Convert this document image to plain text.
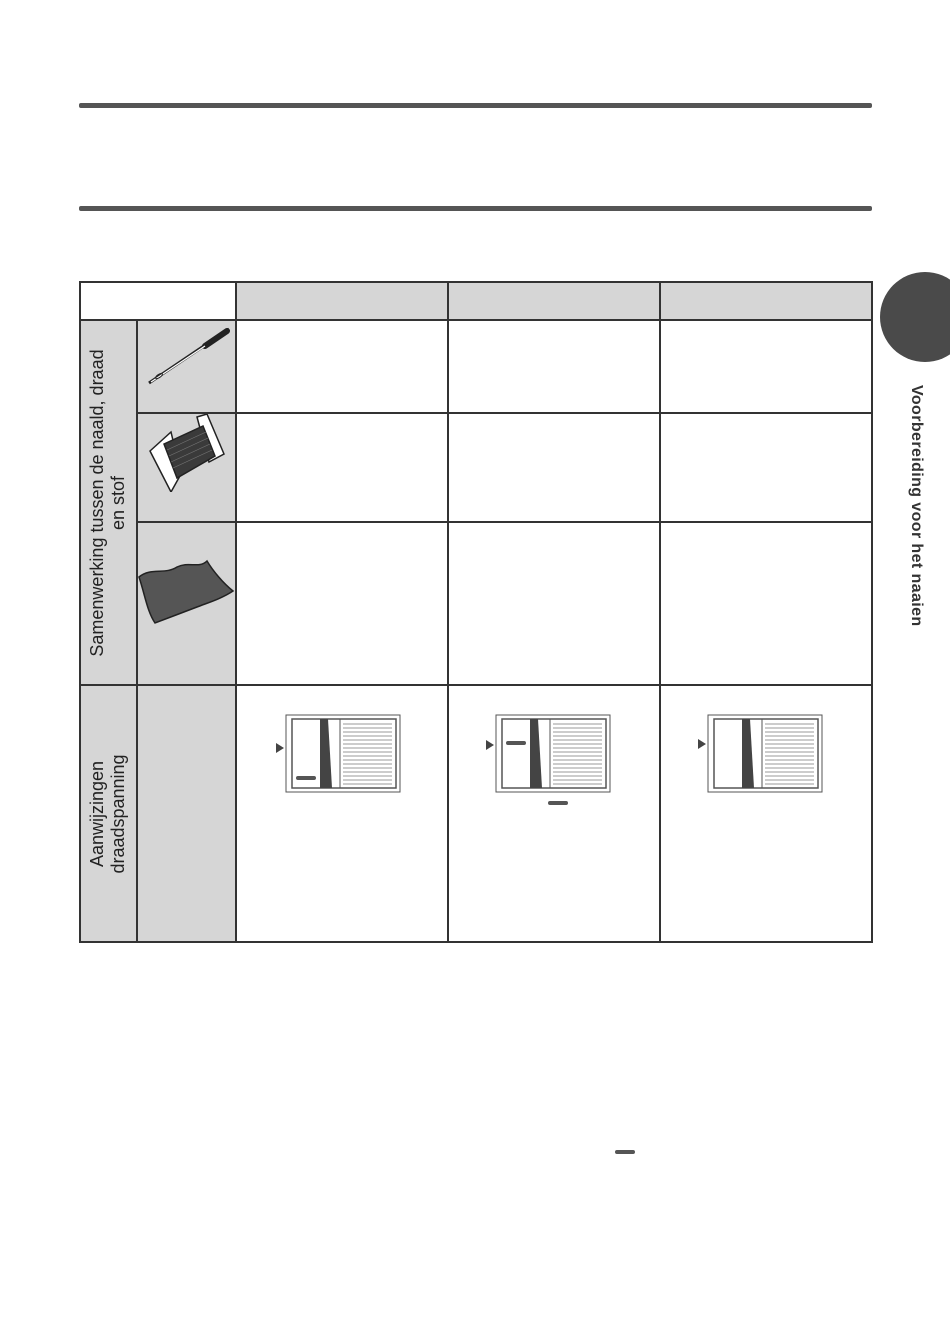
Voorbereiding voor het naaien
Samenwerking tussen de naald, draad en stof
Aanwijzingen draadspanning
